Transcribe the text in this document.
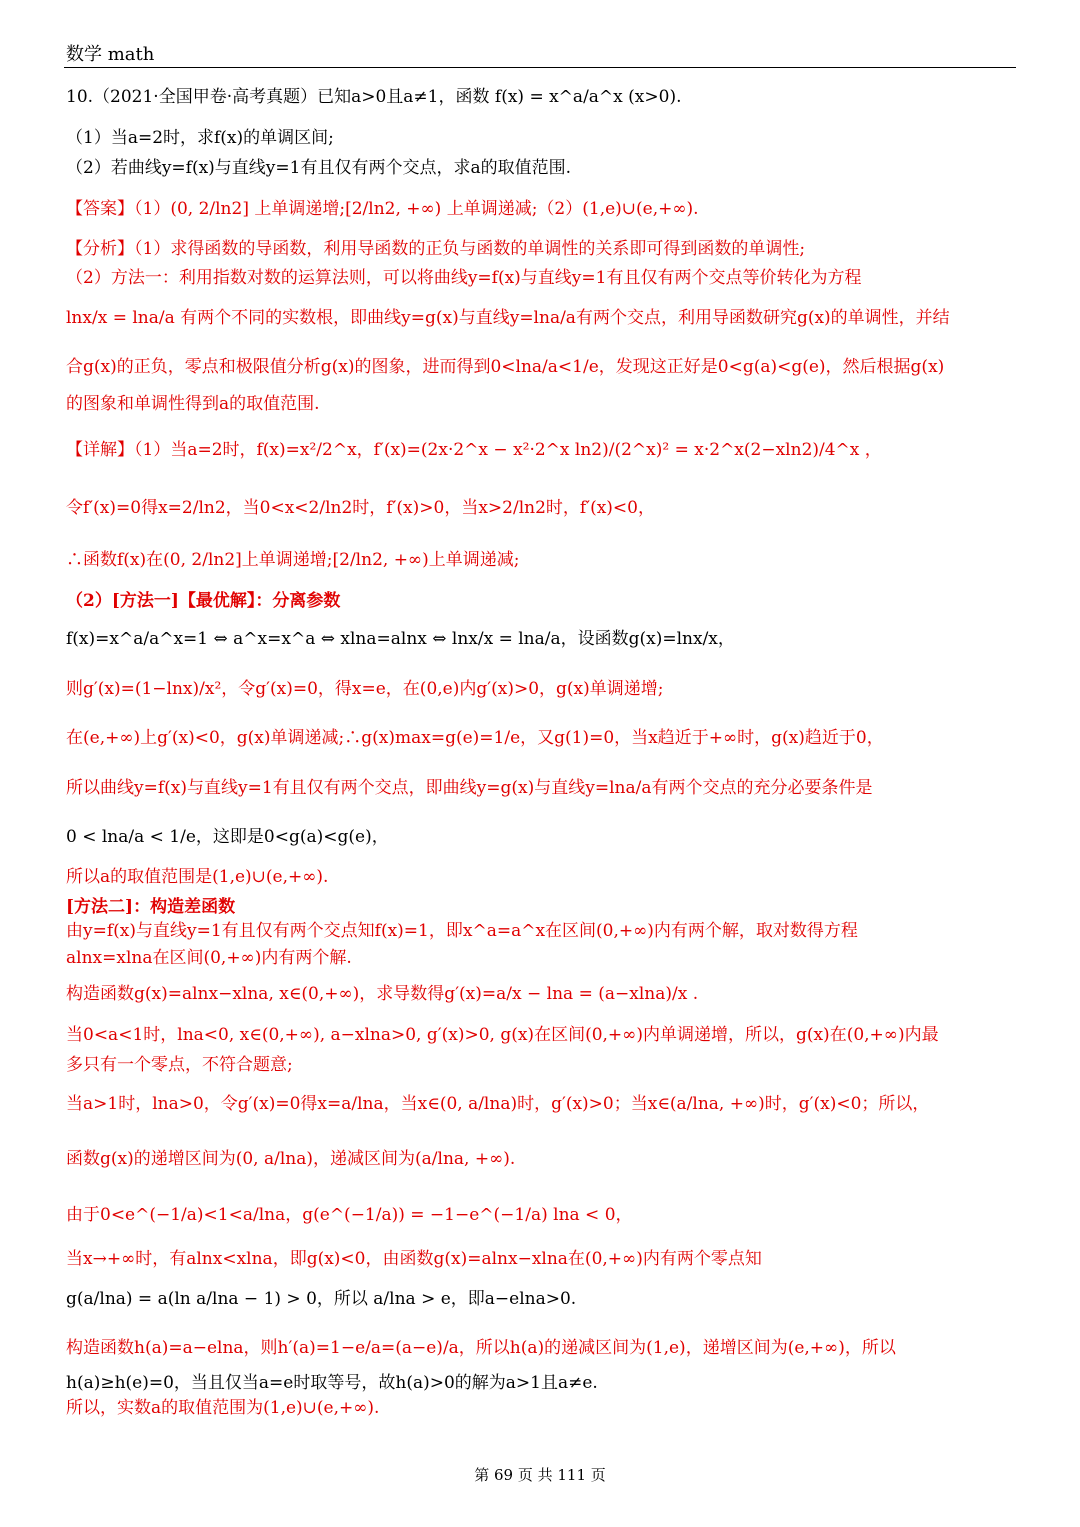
数学 math
10.（2021·全国甲卷·高考真题）已知a>0且a≠1，函数 f(x) = x^a/a^x (x>0).
（1）当a=2时，求f(x)的单调区间;
（2）若曲线y=f(x)与直线y=1有且仅有两个交点，求a的取值范围.
【答案】（1）(0, 2/ln2] 上单调递增;[2/ln2, +∞) 上单调递减;（2）(1,e)∪(e,+∞).
【分析】（1）求得函数的导函数，利用导函数的正负与函数的单调性的关系即可得到函数的单调性;
（2）方法一：利用指数对数的运算法则，可以将曲线y=f(x)与直线y=1有且仅有两个交点等价转化为方程
lnx/x = lna/a 有两个不同的实数根，即曲线y=g(x)与直线y=lna/a有两个交点，利用导函数研究g(x)的单调性，并结
合g(x)的正负，零点和极限值分析g(x)的图象，进而得到0<lna/a<1/e，发现这正好是0<g(a)<g(e)，然后根据g(x)
的图象和单调性得到a的取值范围.
【详解】（1）当a=2时，f(x)=x²/2^x，f′(x)=(2x·2^x − x²·2^x ln2)/(2^x)² = x·2^x(2−xln2)/4^x ，
令f′(x)=0得x=2/ln2，当0<x<2/ln2时，f′(x)>0，当x>2/ln2时，f′(x)<0，
∴函数f(x)在(0, 2/ln2]上单调递增;[2/ln2, +∞)上单调递减;
（2）[方法一]【最优解】：分离参数
f(x)=x^a/a^x=1 ⇔ a^x=x^a ⇔ xlna=alnx ⇔ lnx/x = lna/a，设函数g(x)=lnx/x，
则g′(x)=(1−lnx)/x²，令g′(x)=0，得x=e，在(0,e)内g′(x)>0，g(x)单调递增;
在(e,+∞)上g′(x)<0，g(x)单调递减;∴g(x)max=g(e)=1/e，又g(1)=0，当x趋近于+∞时，g(x)趋近于0，
所以曲线y=f(x)与直线y=1有且仅有两个交点，即曲线y=g(x)与直线y=lna/a有两个交点的充分必要条件是
0 < lna/a < 1/e，这即是0<g(a)<g(e)，
所以a的取值范围是(1,e)∪(e,+∞).
[方法二]：构造差函数
由y=f(x)与直线y=1有且仅有两个交点知f(x)=1，即x^a=a^x在区间(0,+∞)内有两个解，取对数得方程
alnx=xlna在区间(0,+∞)内有两个解.
构造函数g(x)=alnx−xlna, x∈(0,+∞)，求导数得g′(x)=a/x − lna = (a−xlna)/x .
当0<a<1时，lna<0, x∈(0,+∞), a−xlna>0, g′(x)>0, g(x)在区间(0,+∞)内单调递增，所以，g(x)在(0,+∞)内最
多只有一个零点，不符合题意;
当a>1时，lna>0，令g′(x)=0得x=a/lna，当x∈(0, a/lna)时，g′(x)>0；当x∈(a/lna, +∞)时，g′(x)<0；所以，
函数g(x)的递增区间为(0, a/lna)，递减区间为(a/lna, +∞).
由于0<e^(−1/a)<1<a/lna，g(e^(−1/a)) = −1−e^(−1/a) lna < 0，
当x→+∞时，有alnx<xlna，即g(x)<0，由函数g(x)=alnx−xlna在(0,+∞)内有两个零点知
g(a/lna) = a(ln a/lna − 1) > 0，所以 a/lna > e，即a−elna>0.
构造函数h(a)=a−elna，则h′(a)=1−e/a=(a−e)/a，所以h(a)的递减区间为(1,e)，递增区间为(e,+∞)，所以
h(a)≥h(e)=0，当且仅当a=e时取等号，故h(a)>0的解为a>1且a≠e.
所以，实数a的取值范围为(1,e)∪(e,+∞).
第 69 页 共 111 页
